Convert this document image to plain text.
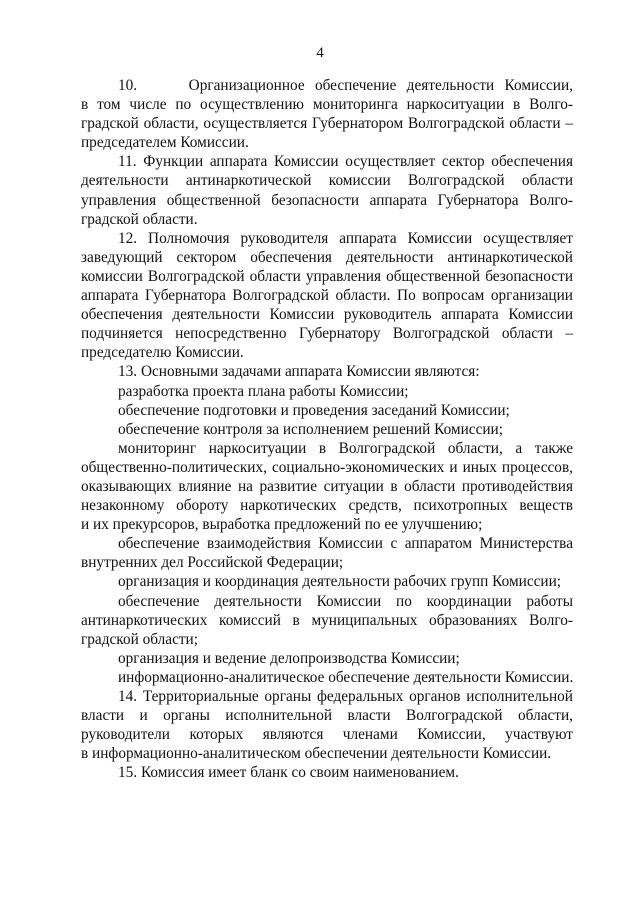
4
10.     Организационное обеспечение деятельности Комиссии,
в том числе по осуществлению мониторинга наркоситуации в Волго-
градской области, осуществляется Губернатором Волгоградской области –
председателем Комиссии.
11. Функции аппарата Комиссии осуществляет сектор обеспечения
деятельности антинаркотической комиссии Волгоградской области
управления общественной безопасности аппарата Губернатора Волго-
градской области.
12. Полномочия руководителя аппарата Комиссии осуществляет
заведующий сектором обеспечения деятельности антинаркотической
комиссии Волгоградской области управления общественной безопасности
аппарата Губернатора Волгоградской области. По вопросам организации
обеспечения деятельности Комиссии руководитель аппарата Комиссии
подчиняется непосредственно Губернатору Волгоградской области –
председателю Комиссии.
13. Основными задачами аппарата Комиссии являются:
разработка проекта плана работы Комиссии;
обеспечение подготовки и проведения заседаний Комиссии;
обеспечение контроля за исполнением решений Комиссии;
мониторинг наркоситуации в Волгоградской области, а также
общественно-политических, социально-экономических и иных процессов,
оказывающих влияние на развитие ситуации в области противодействия
незаконному обороту наркотических средств, психотропных веществ
и их прекурсоров, выработка предложений по ее улучшению;
обеспечение взаимодействия Комиссии с аппаратом Министерства
внутренних дел Российской Федерации;
организация и координация деятельности рабочих групп Комиссии;
обеспечение деятельности Комиссии по координации работы
антинаркотических комиссий в муниципальных образованиях Волго-
градской области;
организация и ведение делопроизводства Комиссии;
информационно-аналитическое обеспечение деятельности Комиссии.
14. Территориальные органы федеральных органов исполнительной
власти и органы исполнительной власти Волгоградской области,
руководители которых являются членами Комиссии, участвуют
в информационно-аналитическом обеспечении деятельности Комиссии.
15. Комиссия имеет бланк со своим наименованием.
